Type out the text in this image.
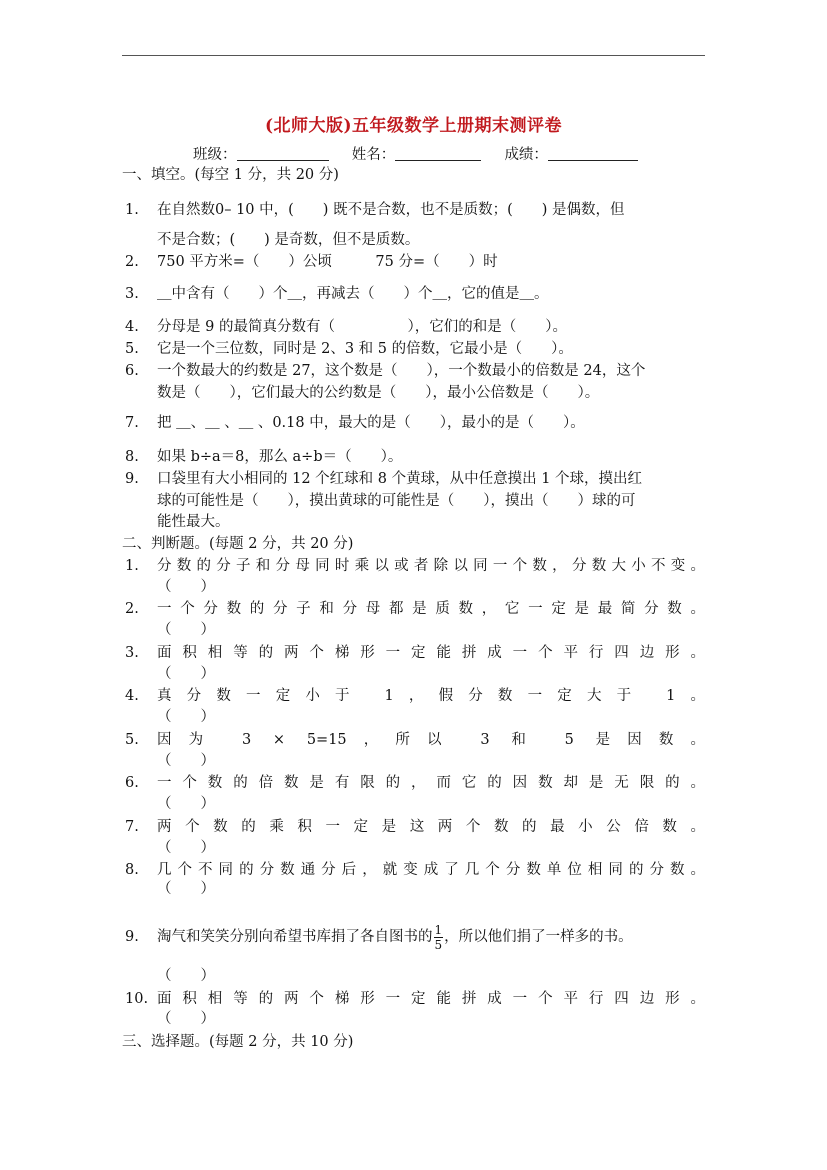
(北师大版)五年级数学上册期末测评卷
班级：	姓名：	成绩：
一、填空。(每空 1 分，共 20 分)
1. 在自然数0– 10 中，(　　) 既不是合数，也不是质数；(　　) 是偶数，但
不是合数；(　　) 是奇数，但不是质数。
2. 750 平方米=（　　）公顷　　　75 分=（　　）时
3. ＿中含有（　　）个＿，再减去（　　）个＿，它的值是＿。
4. 分母是 9 的最简真分数有（　　　　　），它们的和是（　　）。
5. 它是一个三位数，同时是 2、3 和 5 的倍数，它最小是（　　）。
6. 一个数最大的约数是 27，这个数是（　　），一个数最小的倍数是 24，这个
数是（　　），它们最大的公约数是（　　），最小公倍数是（　　）。
7. 把 ＿、＿ 、＿ 、0.18 中，最大的是（　　），最小的是（　　）。
8. 如果 b÷a＝8，那么 a÷b＝（　　）。
9. 口袋里有大小相同的 12 个红球和 8 个黄球，从中任意摸出 1 个球，摸出红
球的可能性是（　　），摸出黄球的可能性是（　　），摸出（　　）球的可
能性最大。
二、判断题。(每题 2 分，共 20 分)
1. 分数的分子和分母同时乘以或者除以同一个数，分数大小不变。
（　　）
2. 一个分数的分子和分母都是质数，它一定是最简分数。
（　　）
3. 面积相等的两个梯形一定能拼成一个平行四边形。
（　　）
4. 真分数一定小于 1，假分数一定大于 1。
（　　）
5. 因为 3 × 5=15，所以 3 和 5 是因数。
（　　）
6. 一个数的倍数是有限的，而它的因数却是无限的。
（　　）
7. 两个数的乘积一定是这两个数的最小公倍数。
（　　）
8. 几个不同的分数通分后，就变成了几个分数单位相同的分数。
（　　）
9. 淘气和笑笑分别向希望书库捐了各自图书的 $\frac{1}{5}$ ，所以他们捐了一样多的书。
（　　）
10. 面积相等的两个梯形一定能拼成一个平行四边形。
（　　）
三、选择题。(每题 2 分，共 10 分)
